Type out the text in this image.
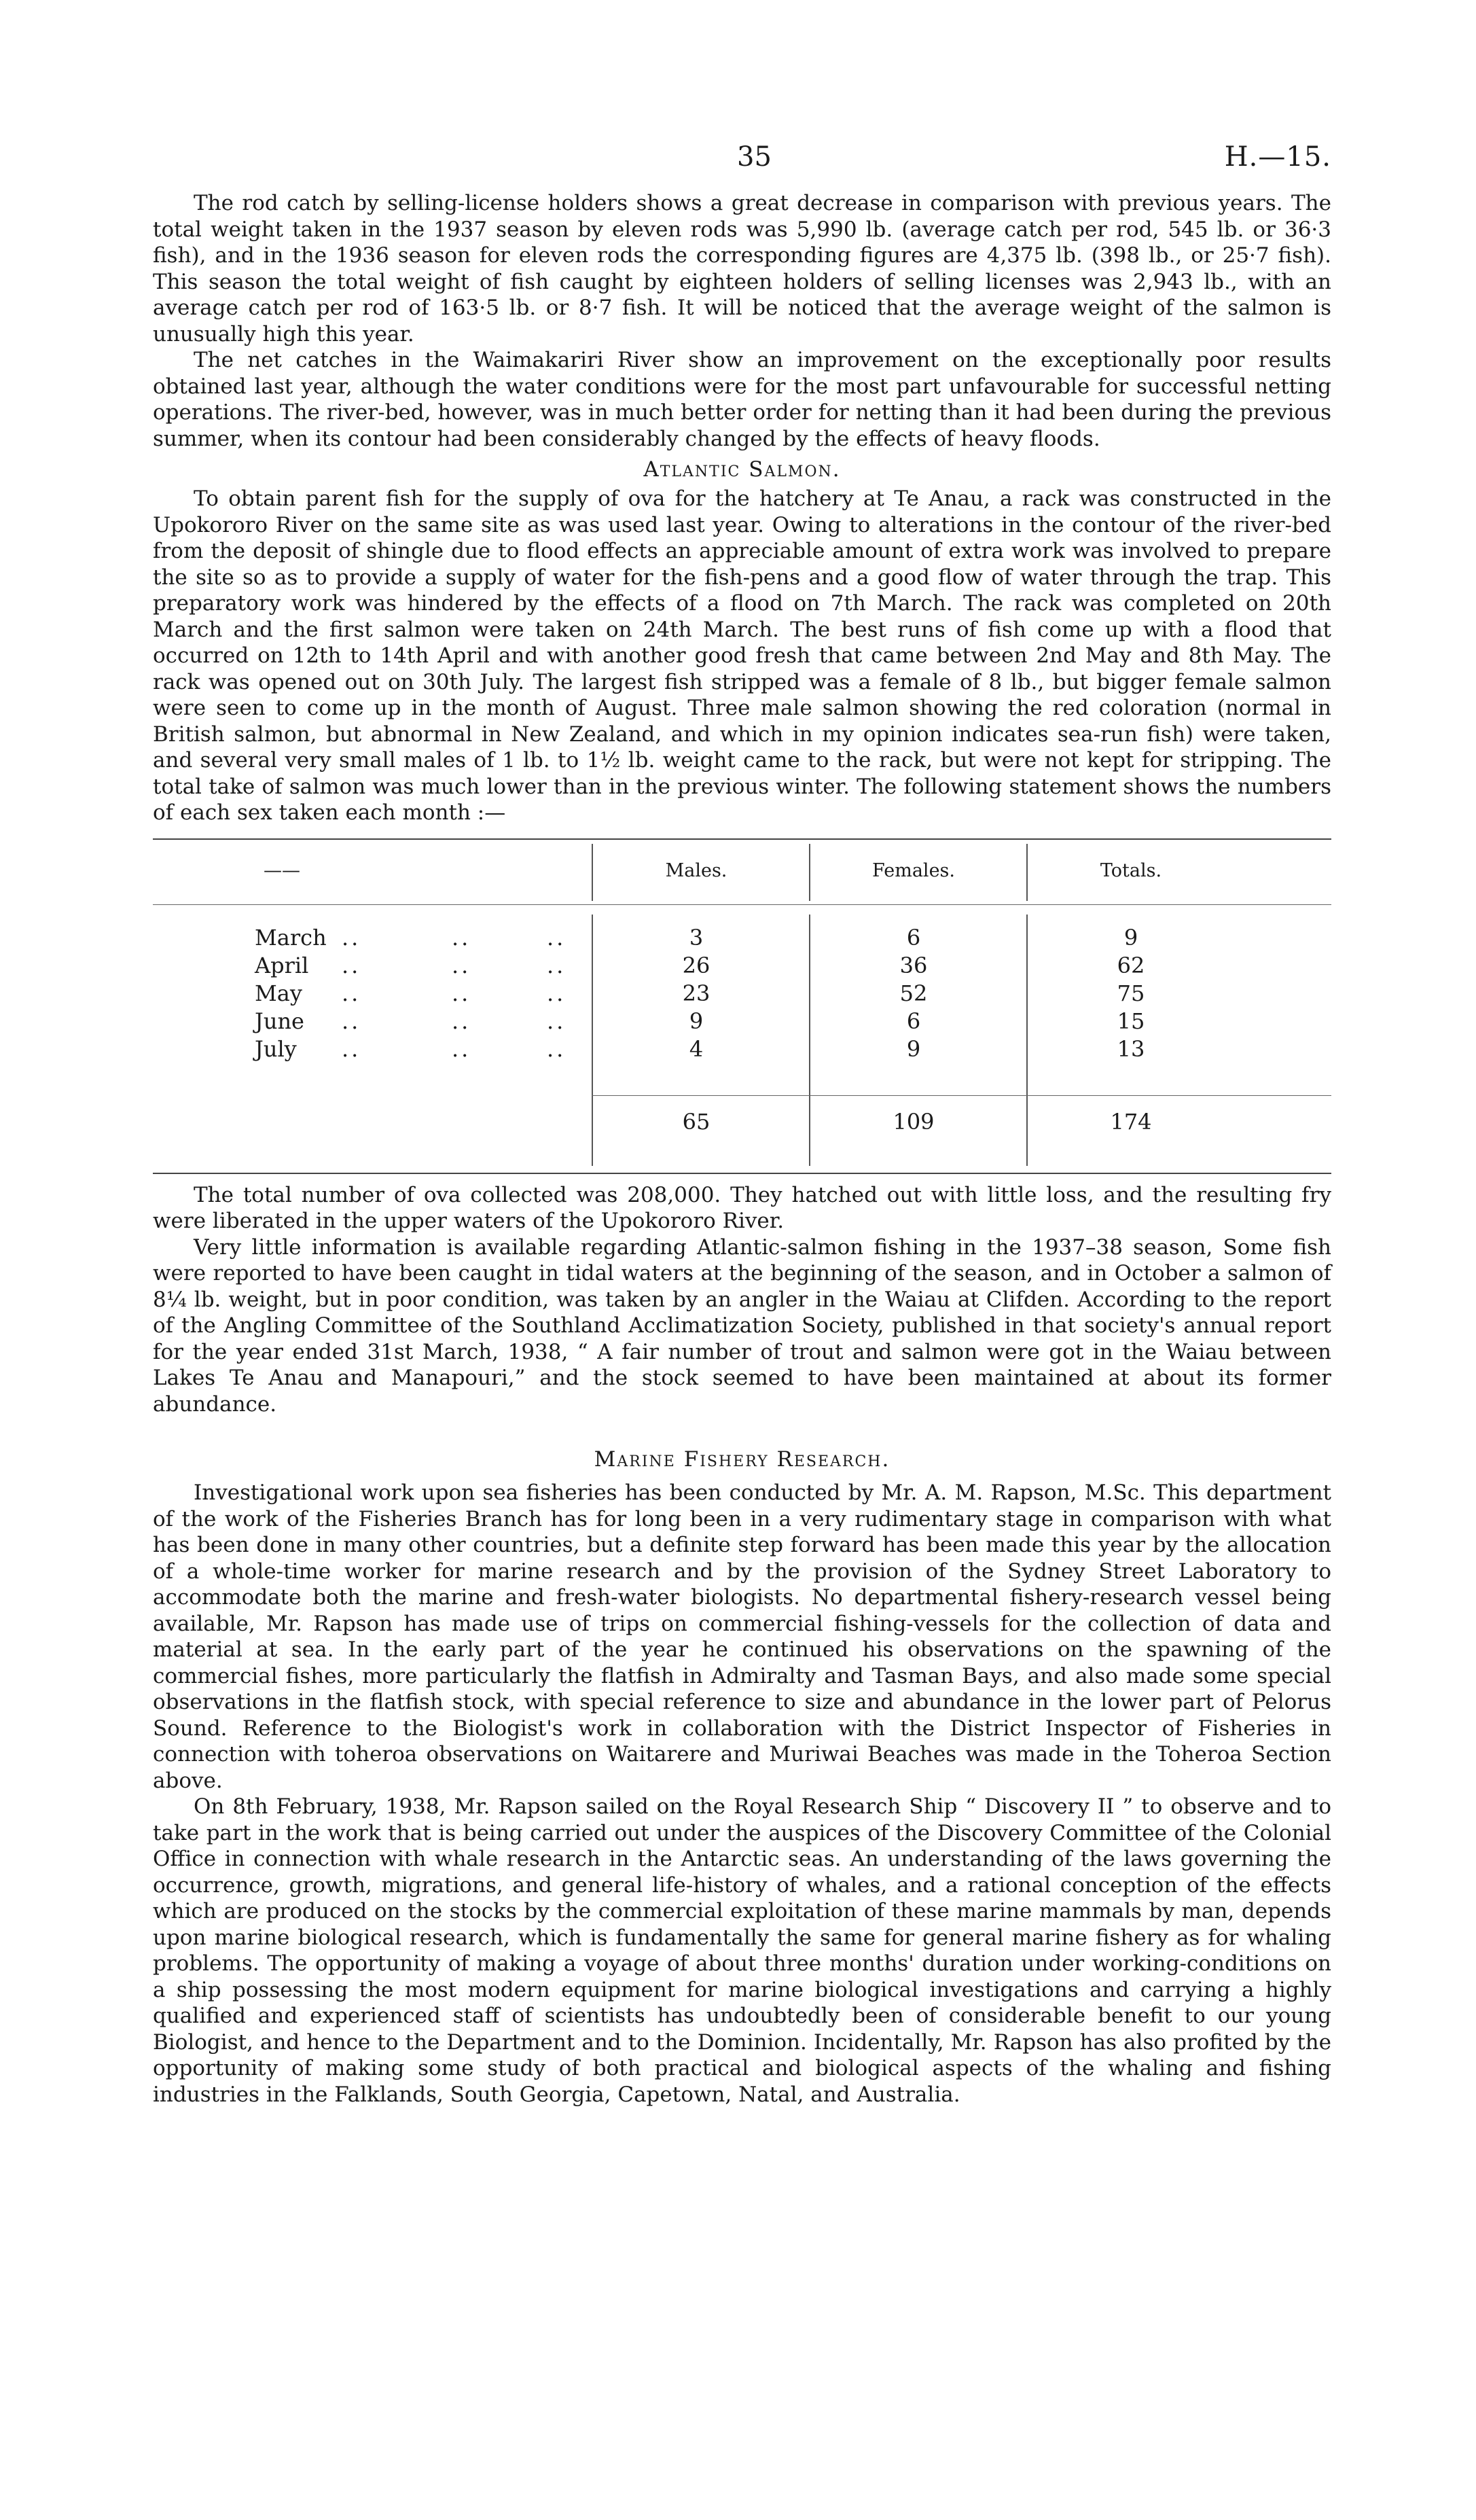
35	H.—15.

The rod catch by selling-license holders shows a great decrease in comparison with previous years. The total weight taken in the 1937 season by eleven rods was 5,990 lb. (average catch per rod, 545 lb. or 36·3 fish), and in the 1936 season for eleven rods the corresponding figures are 4,375 lb. (398 lb., or 25·7 fish). This season the total weight of fish caught by eighteen holders of selling licenses was 2,943 lb., with an average catch per rod of 163·5 lb. or 8·7 fish. It will be noticed that the average weight of the salmon is unusually high this year.

The net catches in the Waimakariri River show an improvement on the exceptionally poor results obtained last year, although the water conditions were for the most part unfavourable for successful netting operations. The river-bed, however, was in much better order for netting than it had been during the previous summer, when its contour had been considerably changed by the effects of heavy floods.

Atlantic Salmon.

To obtain parent fish for the supply of ova for the hatchery at Te Anau, a rack was constructed in the Upokororo River on the same site as was used last year. Owing to alterations in the contour of the river-bed from the deposit of shingle due to flood effects an appreciable amount of extra work was involved to prepare the site so as to provide a supply of water for the fish-pens and a good flow of water through the trap. This preparatory work was hindered by the effects of a flood on 7th March. The rack was completed on 20th March and the first salmon were taken on 24th March. The best runs of fish come up with a flood that occurred on 12th to 14th April and with another good fresh that came between 2nd May and 8th May. The rack was opened out on 30th July. The largest fish stripped was a female of 8 lb., but bigger female salmon were seen to come up in the month of August. Three male salmon showing the red coloration (normal in British salmon, but abnormal in New Zealand, and which in my opinion indicates sea-run fish) were taken, and several very small males of 1 lb. to 1½ lb. weight came to the rack, but were not kept for stripping. The total take of salmon was much lower than in the previous winter. The following statement shows the numbers of each sex taken each month :—

——	Males.	Females.	Totals.
March ..	..	..	3	6	9
April ..	..	..	26	36	62
May ..	..	..	23	52	75
June ..	..	..	9	6	15
July ..	..	..	4	9	13
65	109	174

The total number of ova collected was 208,000. They hatched out with little loss, and the resulting fry were liberated in the upper waters of the Upokororo River.

Very little information is available regarding Atlantic-salmon fishing in the 1937–38 season, Some fish were reported to have been caught in tidal waters at the beginning of the season, and in October a salmon of 8¼ lb. weight, but in poor condition, was taken by an angler in the Waiau at Clifden. According to the report of the Angling Committee of the Southland Acclimatization Society, published in that society's annual report for the year ended 31st March, 1938, “ A fair number of trout and salmon were got in the Waiau between Lakes Te Anau and Manapouri,” and the stock seemed to have been maintained at about its former abundance.

Marine Fishery Research.

Investigational work upon sea fisheries has been conducted by Mr. A. M. Rapson, M.Sc. This department of the work of the Fisheries Branch has for long been in a very rudimentary stage in comparison with what has been done in many other countries, but a definite step forward has been made this year by the allocation of a whole-time worker for marine research and by the provision of the Sydney Street Laboratory to accommodate both the marine and fresh-water biologists. No departmental fishery-research vessel being available, Mr. Rapson has made use of trips on commercial fishing-vessels for the collection of data and material at sea. In the early part of the year he continued his observations on the spawning of the commercial fishes, more particularly the flatfish in Admiralty and Tasman Bays, and also made some special observations in the flatfish stock, with special reference to size and abundance in the lower part of Pelorus Sound. Reference to the Biologist's work in collaboration with the District Inspector of Fisheries in connection with toheroa observations on Waitarere and Muriwai Beaches was made in the Toheroa Section above.

On 8th February, 1938, Mr. Rapson sailed on the Royal Research Ship “ Discovery II ” to observe and to take part in the work that is being carried out under the auspices of the Discovery Committee of the Colonial Office in connection with whale research in the Antarctic seas. An understanding of the laws governing the occurrence, growth, migrations, and general life-history of whales, and a rational conception of the effects which are produced on the stocks by the commercial exploitation of these marine mammals by man, depends upon marine biological research, which is fundamentally the same for general marine fishery as for whaling problems. The opportunity of making a voyage of about three months' duration under working-conditions on a ship possessing the most modern equipment for marine biological investigations and carrying a highly qualified and experienced staff of scientists has undoubtedly been of considerable benefit to our young Biologist, and hence to the Department and to the Dominion. Incidentally, Mr. Rapson has also profited by the opportunity of making some study of both practical and biological aspects of the whaling and fishing industries in the Falklands, South Georgia, Capetown, Natal, and Australia.
